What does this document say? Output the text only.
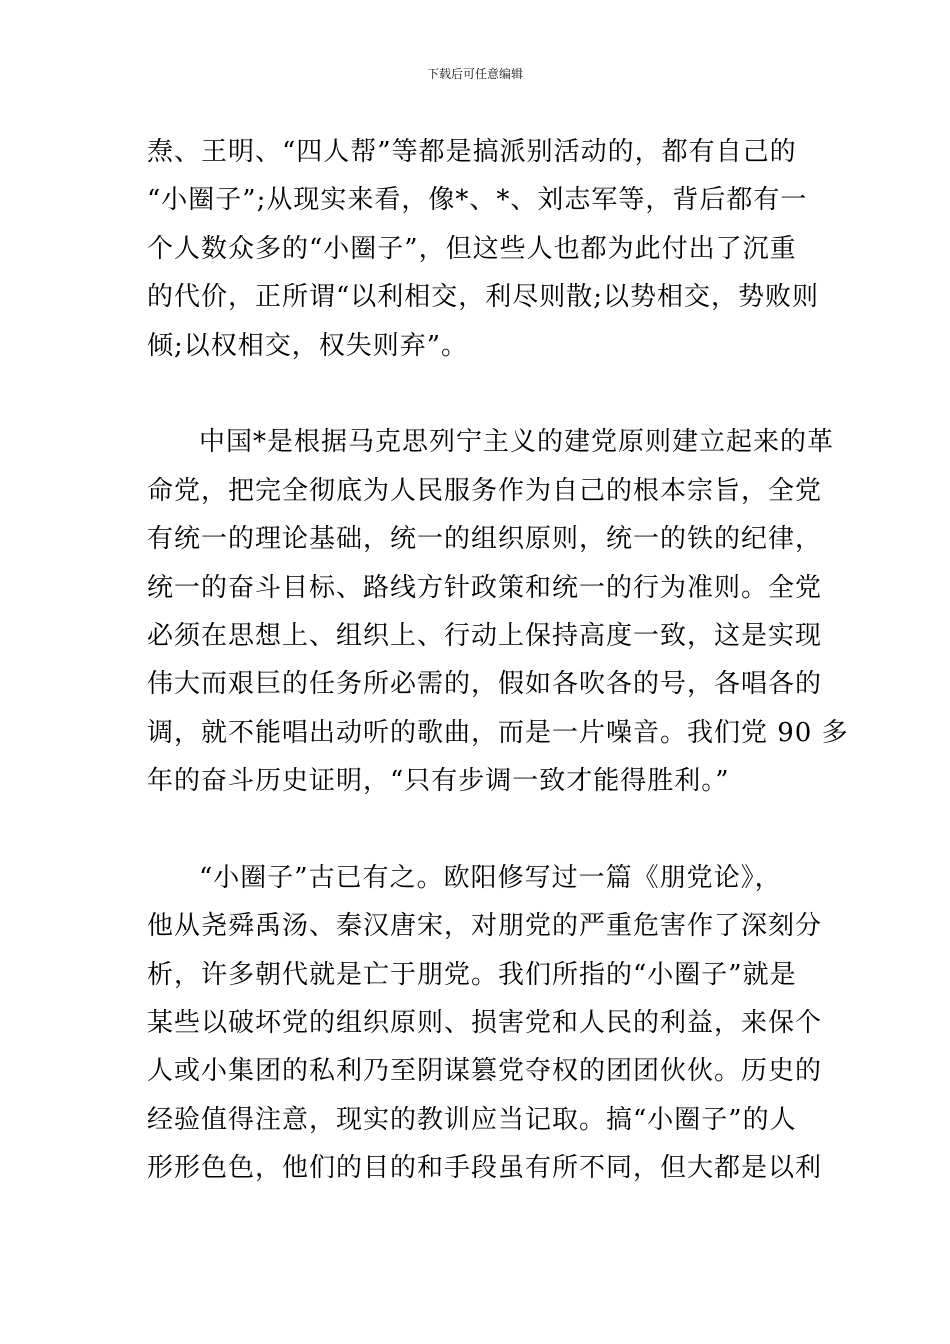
下载后可任意编辑
焘、王明、“四人帮”等都是搞派别活动的，都有自己的
“小圈子”;从现实来看，像*、*、刘志军等，背后都有一
个人数众多的“小圈子”，但这些人也都为此付出了沉重
的代价，正所谓“以利相交，利尽则散;以势相交，势败则
倾;以权相交，权失则弃”。
中国*是根据马克思列宁主义的建党原则建立起来的革
命党，把完全彻底为人民服务作为自己的根本宗旨，全党
有统一的理论基础，统一的组织原则，统一的铁的纪律，
统一的奋斗目标、路线方针政策和统一的行为准则。全党
必须在思想上、组织上、行动上保持高度一致，这是实现
伟大而艰巨的任务所必需的，假如各吹各的号，各唱各的
调，就不能唱出动听的歌曲，而是一片噪音。我们党 90 多
年的奋斗历史证明，“只有步调一致才能得胜利。”
“小圈子”古已有之。欧阳修写过一篇《朋党论》，
他从尧舜禹汤、秦汉唐宋，对朋党的严重危害作了深刻分
析，许多朝代就是亡于朋党。我们所指的“小圈子”就是
某些以破坏党的组织原则、损害党和人民的利益，来保个
人或小集团的私利乃至阴谋篡党夺权的团团伙伙。历史的
经验值得注意，现实的教训应当记取。搞“小圈子”的人
形形色色，他们的目的和手段虽有所不同，但大都是以利
